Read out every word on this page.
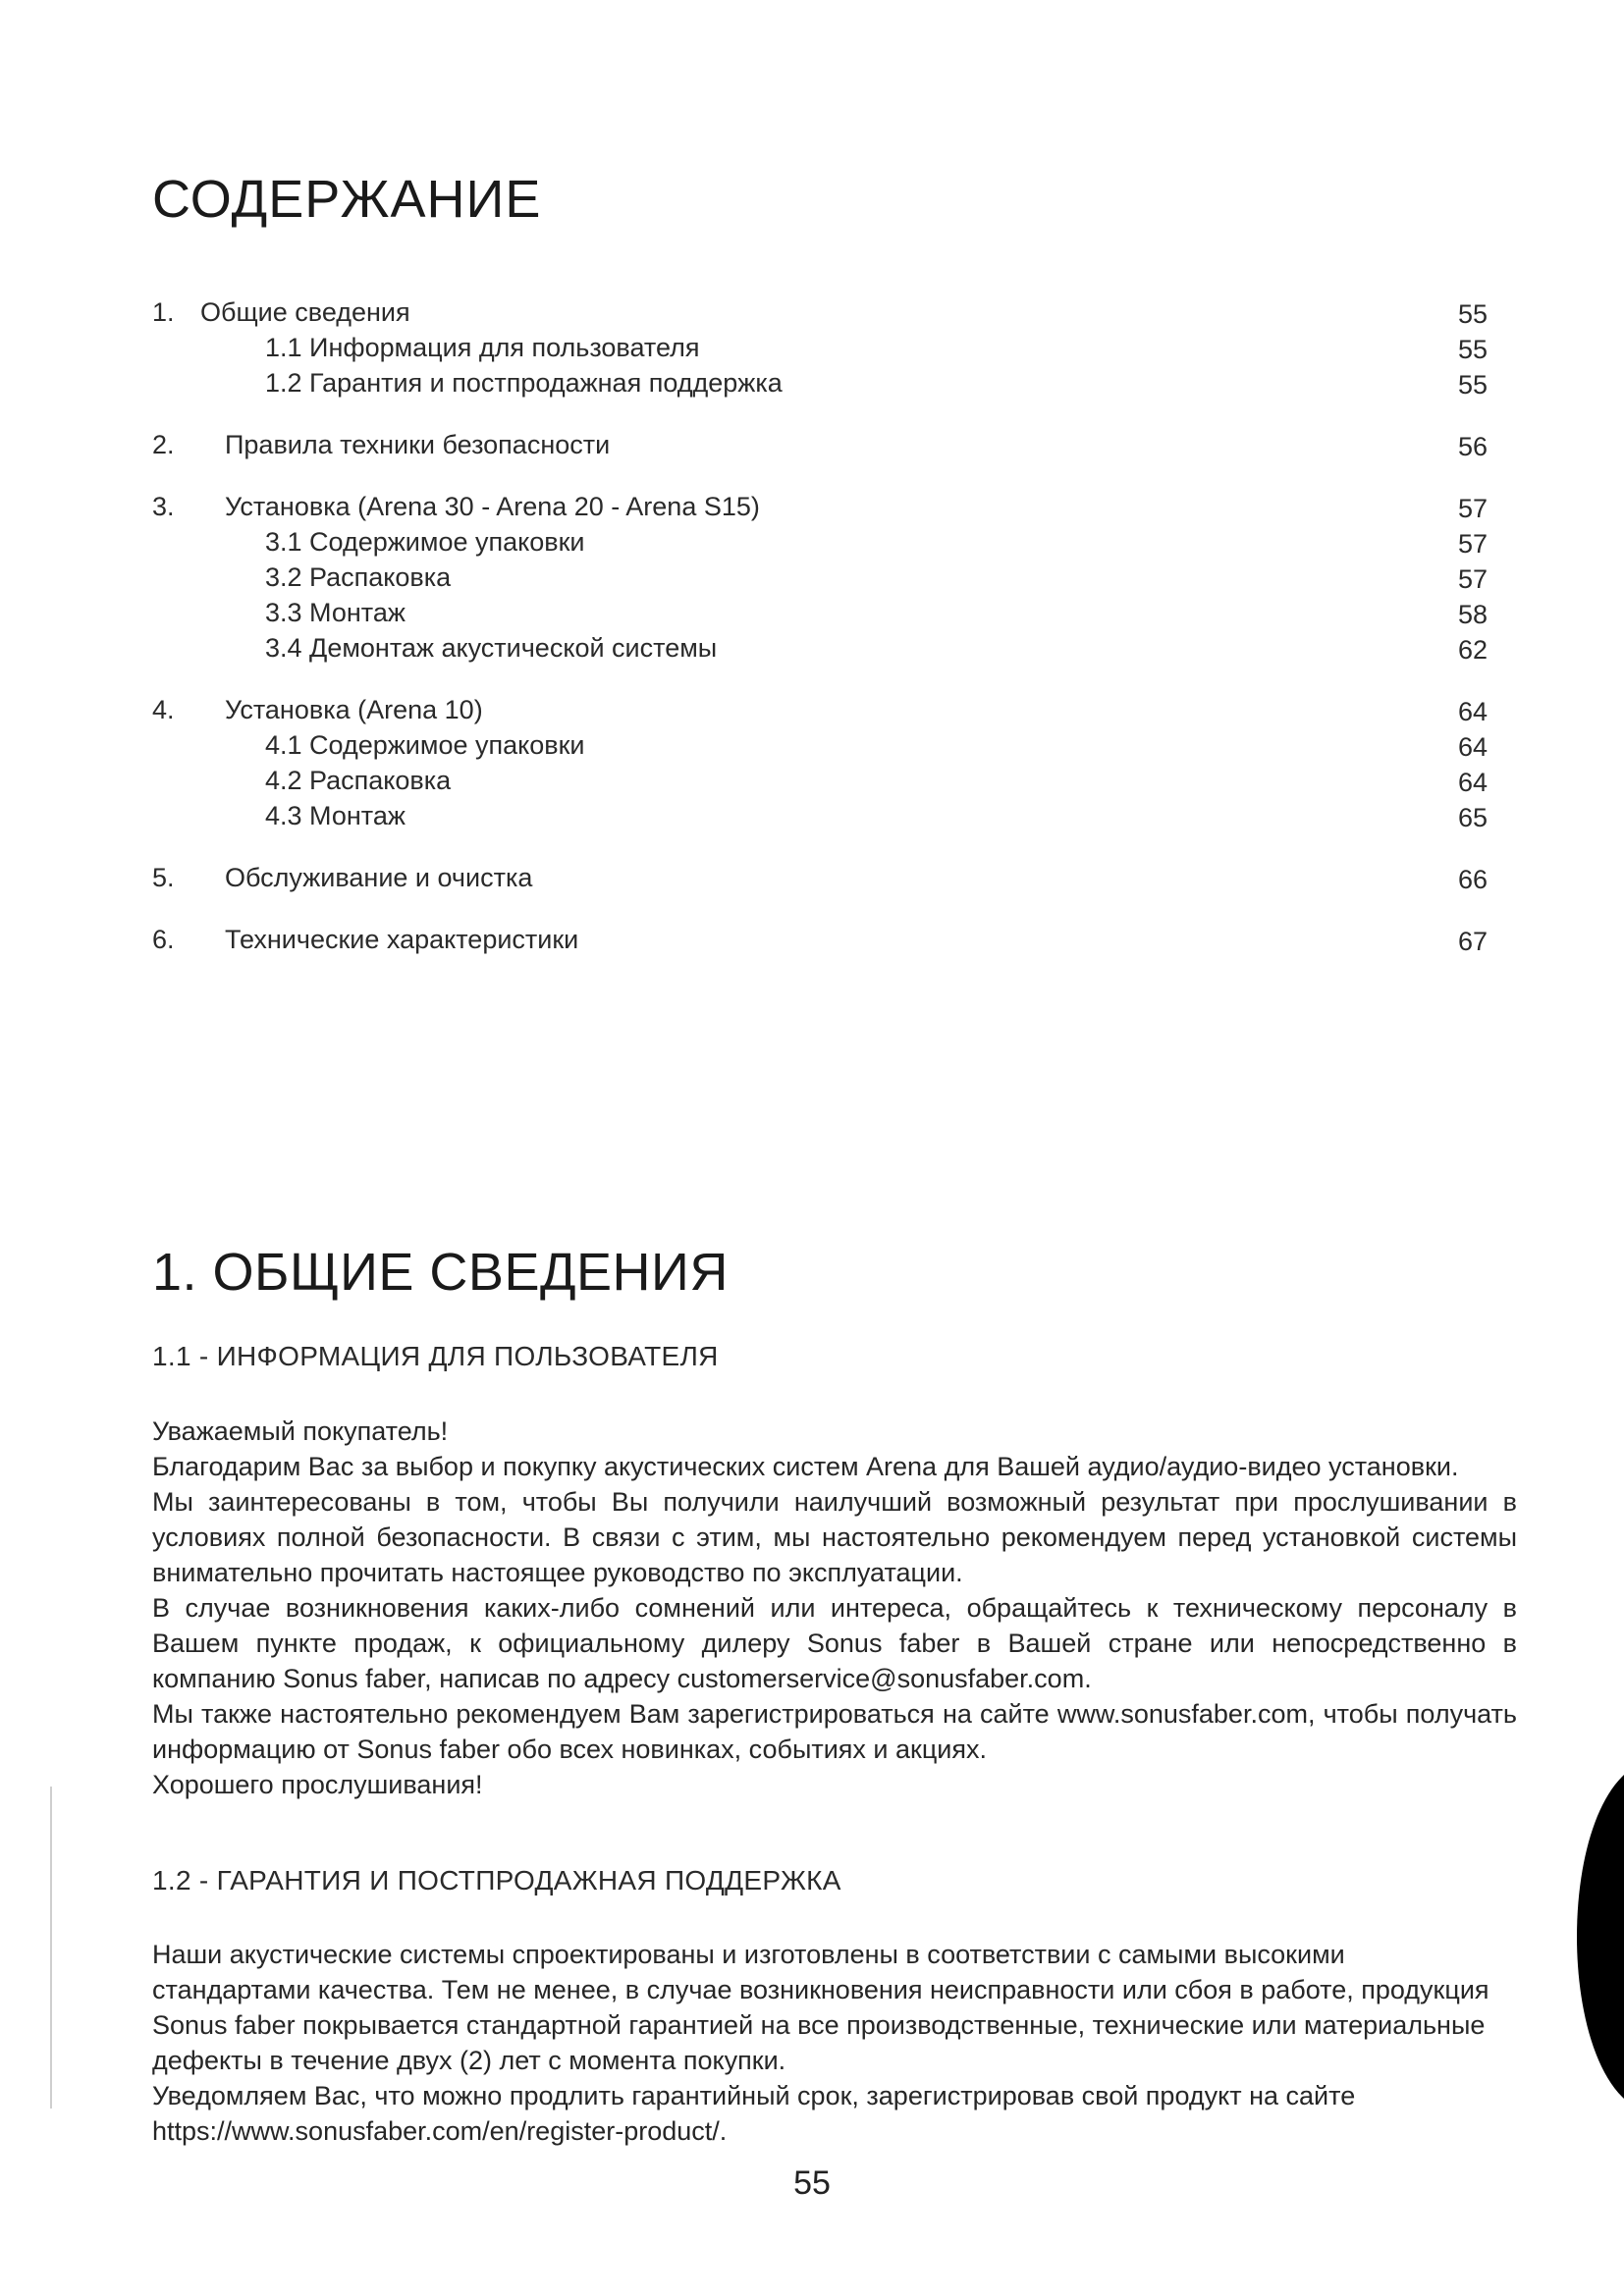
СОДЕРЖАНИЕ
1. Общие сведения	55
1.1 Информация для пользователя	55
1.2 Гарантия и постпродажная поддержка	55
2. Правила техники безопасности	56
3. Установка (Arena 30 - Arena 20 - Arena S15)	57
3.1 Содержимое упаковки	57
3.2 Распаковка	57
3.3 Монтаж	58
3.4 Демонтаж акустической системы	62
4. Установка (Arena 10)	64
4.1 Содержимое упаковки	64
4.2 Распаковка	64
4.3 Монтаж	65
5. Обслуживание и очистка	66
6. Технические характеристики	67
1. ОБЩИЕ СВЕДЕНИЯ
1.1 - ИНФОРМАЦИЯ ДЛЯ ПОЛЬЗОВАТЕЛЯ

Уважаемый покупатель!

Благодарим Вас за выбор и покупку акустических систем Arena для Вашей аудио/аудио-видео установки.

Мы заинтересованы в том, чтобы Вы получили наилучший возможный результат при прослушивании в условиях полной безопасности. В связи с этим, мы настоятельно рекомендуем перед установкой системы внимательно прочитать настоящее руководство по эксплуатации.

В случае возникновения каких-либо сомнений или интереса, обращайтесь к техническому персоналу в Вашем пункте продаж, к официальному дилеру Sonus faber в Вашей стране или непосредственно в компанию Sonus faber, написав по адресу customerservice@sonusfaber.com.

Мы также настоятельно рекомендуем Вам зарегистрироваться на сайте www.sonusfaber.com, чтобы получать информацию от Sonus faber обо всех новинках, событиях и акциях.

Хорошего прослушивания!

1.2 - ГАРАНТИЯ И ПОСТПРОДАЖНАЯ ПОДДЕРЖКА

Наши акустические системы спроектированы и изготовлены в соответствии с самыми высокими стандартами качества. Тем не менее, в случае возникновения неисправности или сбоя в работе, продукция Sonus faber покрывается стандартной гарантией на все производственные, технические или материальные дефекты в течение двух (2) лет с момента покупки.

Уведомляем Вас, что можно продлить гарантийный срок, зарегистрировав свой продукт на сайте https://www.sonusfaber.com/en/register-product/.

РУ
55
